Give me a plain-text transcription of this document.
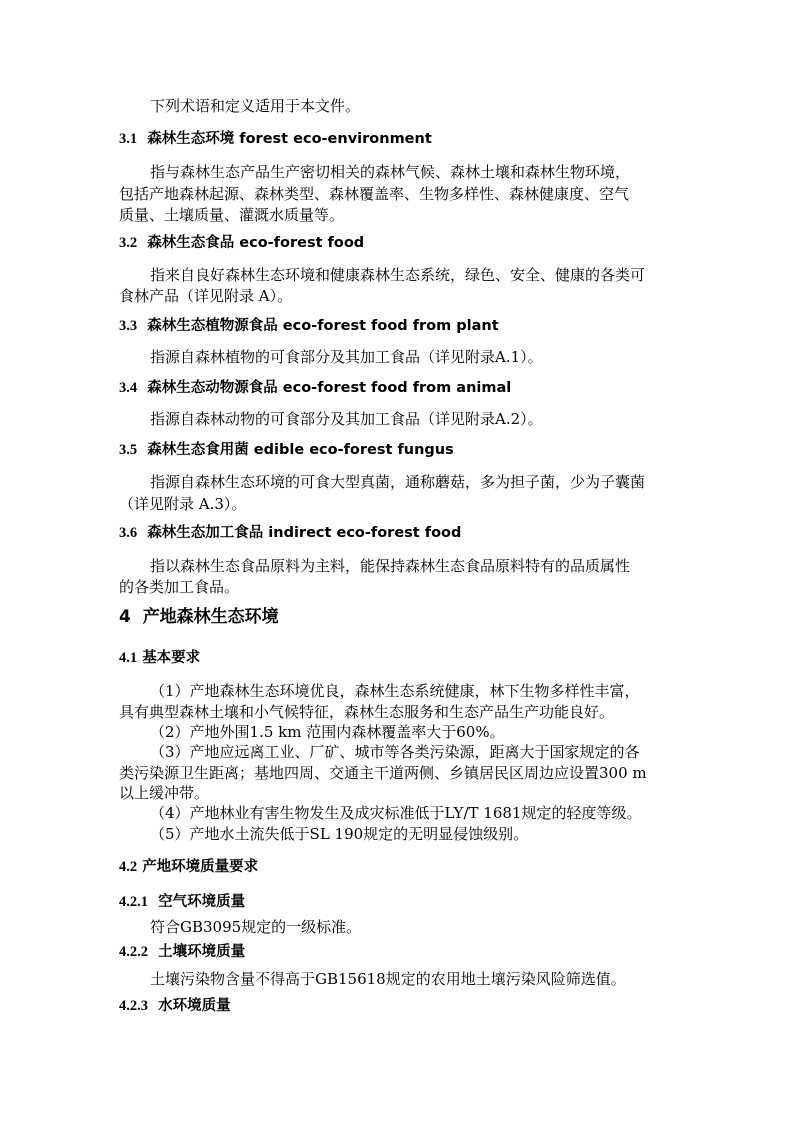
下列术语和定义适用于本文件。
3.1 森林生态环境 forest eco-environment
指与森林生态产品生产密切相关的森林气候、森林土壤和森林生物环境，
包括产地森林起源、森林类型、森林覆盖率、生物多样性、森林健康度、空气
质量、土壤质量、灌溉水质量等。
3.2 森林生态食品 eco-forest food
指来自良好森林生态环境和健康森林生态系统，绿色、安全、健康的各类可
食林产品（详见附录 A）。
3.3 森林生态植物源食品 eco-forest food from plant
指源自森林植物的可食部分及其加工食品（详见附录A.1）。
3.4 森林生态动物源食品 eco-forest food from animal
指源自森林动物的可食部分及其加工食品（详见附录A.2）。
3.5 森林生态食用菌 edible eco-forest fungus
指源自森林生态环境的可食大型真菌，通称蘑菇，多为担子菌，少为子囊菌
（详见附录 A.3）。
3.6 森林生态加工食品 indirect eco-forest food
指以森林生态食品原料为主料，能保持森林生态食品原料特有的品质属性
的各类加工食品。
4 产地森林生态环境
4.1 基本要求
（1）产地森林生态环境优良，森林生态系统健康，林下生物多样性丰富，
具有典型森林土壤和小气候特征，森林生态服务和生态产品生产功能良好。
（2）产地外围1.5 km 范围内森林覆盖率大于60%。
（3）产地应远离工业、厂矿、城市等各类污染源，距离大于国家规定的各
类污染源卫生距离；基地四周、交通主干道两侧、乡镇居民区周边应设置300 m
以上缓冲带。
（4）产地林业有害生物发生及成灾标准低于LY/T 1681规定的轻度等级。
（5）产地水土流失低于SL 190规定的无明显侵蚀级别。
4.2 产地环境质量要求
4.2.1 空气环境质量
符合GB3095规定的一级标准。
4.2.2 土壤环境质量
土壤污染物含量不得高于GB15618规定的农用地土壤污染风险筛选值。
4.2.3 水环境质量
